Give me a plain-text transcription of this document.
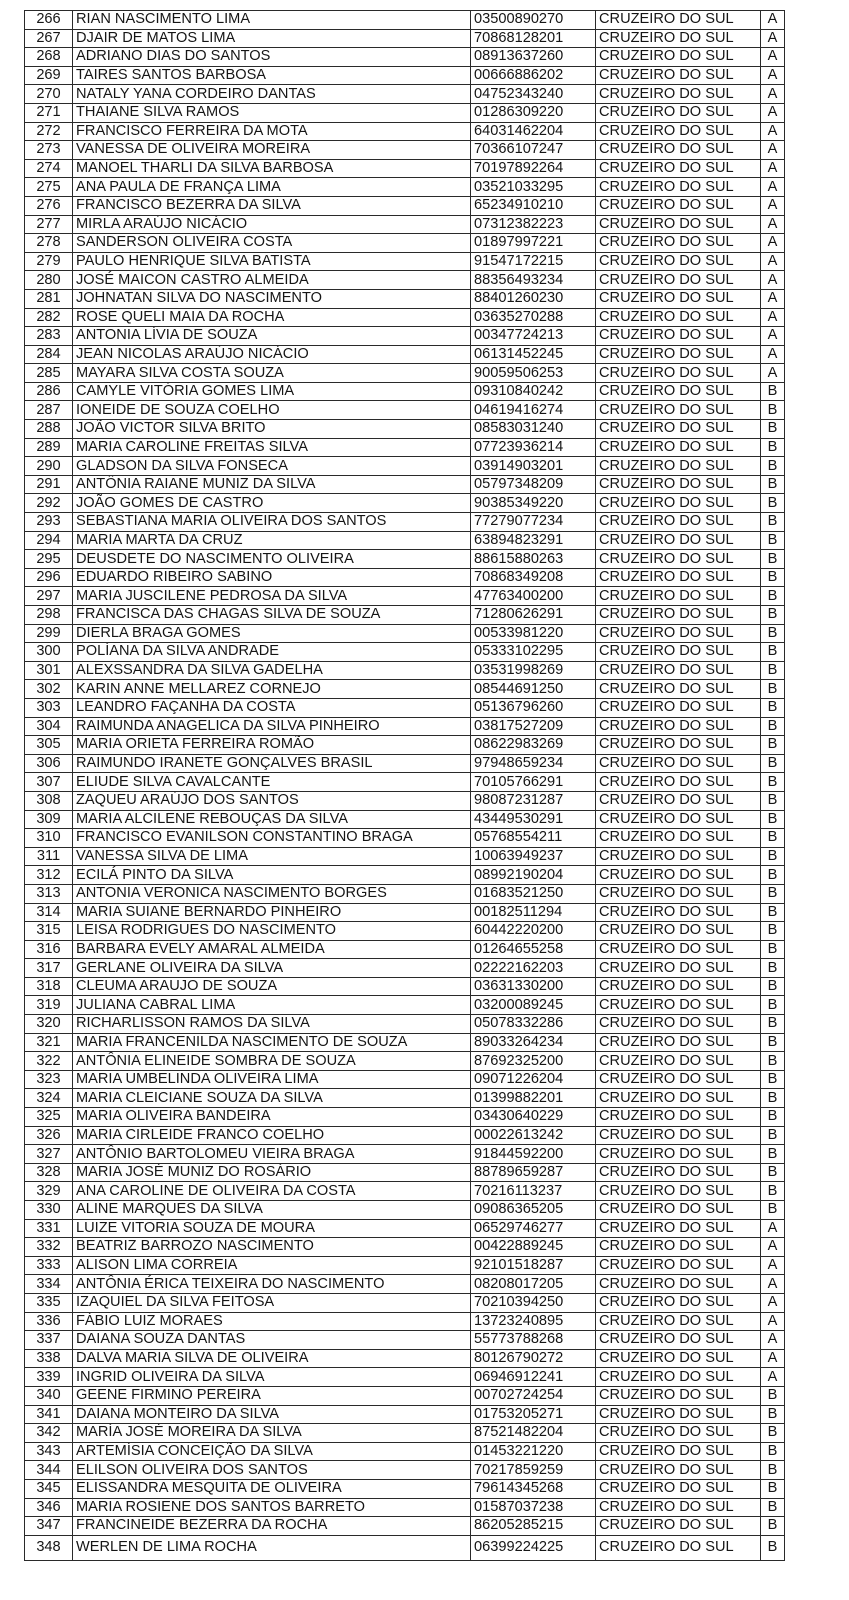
266	RIAN NASCIMENTO LIMA	03500890270	CRUZEIRO DO SUL	A
267	DJAIR DE MATOS LIMA	70868128201	CRUZEIRO DO SUL	A
268	ADRIANO DIAS DO SANTOS	08913637260	CRUZEIRO DO SUL	A
269	TAIRES SANTOS BARBOSA	00666886202	CRUZEIRO DO SUL	A
270	NATALY YANA CORDEIRO DANTAS	04752343240	CRUZEIRO DO SUL	A
271	THAIANE SILVA RAMOS	01286309220	CRUZEIRO DO SUL	A
272	FRANCISCO FERREIRA DA MOTA	64031462204	CRUZEIRO DO SUL	A
273	VANESSA DE OLIVEIRA MOREIRA	70366107247	CRUZEIRO DO SUL	A
274	MANOEL THARLI DA SILVA BARBOSA	70197892264	CRUZEIRO DO SUL	A
275	ANA PAULA DE FRANÇA LIMA	03521033295	CRUZEIRO DO SUL	A
276	FRANCISCO BEZERRA DA SILVA	65234910210	CRUZEIRO DO SUL	A
277	MIRLA ARAÚJO NICÁCIO	07312382223	CRUZEIRO DO SUL	A
278	SANDERSON OLIVEIRA COSTA	01897997221	CRUZEIRO DO SUL	A
279	PAULO HENRIQUE SILVA BATISTA	91547172215	CRUZEIRO DO SUL	A
280	JOSÉ MAICON CASTRO ALMEIDA	88356493234	CRUZEIRO DO SUL	A
281	JOHNATAN SILVA DO NASCIMENTO	88401260230	CRUZEIRO DO SUL	A
282	ROSE QUELI MAIA DA ROCHA	03635270288	CRUZEIRO DO SUL	A
283	ANTONIA LÍVIA DE SOUZA	00347724213	CRUZEIRO DO SUL	A
284	JEAN NICOLAS ARAÚJO NICÁCIO	06131452245	CRUZEIRO DO SUL	A
285	MAYARA SILVA COSTA SOUZA	90059506253	CRUZEIRO DO SUL	A
286	CAMYLE VITÓRIA GOMES LIMA	09310840242	CRUZEIRO DO SUL	B
287	IONEIDE DE SOUZA COELHO	04619416274	CRUZEIRO DO SUL	B
288	JOÃO VICTOR SILVA BRITO	08583031240	CRUZEIRO DO SUL	B
289	MARIA CAROLINE FREITAS SILVA	07723936214	CRUZEIRO DO SUL	B
290	GLADSON DA SILVA FONSECA	03914903201	CRUZEIRO DO SUL	B
291	ANTÔNIA RAIANE MUNIZ DA SILVA	05797348209	CRUZEIRO DO SUL	B
292	JOÃO GOMES DE CASTRO	90385349220	CRUZEIRO DO SUL	B
293	SEBASTIANA MARIA OLIVEIRA DOS SANTOS	77279077234	CRUZEIRO DO SUL	B
294	MARIA MARTA DA CRUZ	63894823291	CRUZEIRO DO SUL	B
295	DEUSDETE DO NASCIMENTO OLIVEIRA	88615880263	CRUZEIRO DO SUL	B
296	EDUARDO RIBEIRO SABINO	70868349208	CRUZEIRO DO SUL	B
297	MARIA JUSCILENE PEDROSA DA SILVA	47763400200	CRUZEIRO DO SUL	B
298	FRANCISCA DAS CHAGAS SILVA DE SOUZA	71280626291	CRUZEIRO DO SUL	B
299	DIERLA BRAGA GOMES	00533981220	CRUZEIRO DO SUL	B
300	POLÍANA DA SILVA ANDRADE	05333102295	CRUZEIRO DO SUL	B
301	ALEXSSANDRA DA SILVA GADELHA	03531998269	CRUZEIRO DO SUL	B
302	KARIN ANNE MELLAREZ CORNEJO	08544691250	CRUZEIRO DO SUL	B
303	LEANDRO FAÇANHA DA COSTA	05136796260	CRUZEIRO DO SUL	B
304	RAIMUNDA ANAGELICA DA SILVA PINHEIRO	03817527209	CRUZEIRO DO SUL	B
305	MARIA ORIETA FERREIRA ROMÃO	08622983269	CRUZEIRO DO SUL	B
306	RAIMUNDO IRANETE GONÇALVES BRASIL	97948659234	CRUZEIRO DO SUL	B
307	ELIUDE SILVA CAVALCANTE	70105766291	CRUZEIRO DO SUL	B
308	ZAQUEU ARAÚJO DOS SANTOS	98087231287	CRUZEIRO DO SUL	B
309	MARIA ALCILENE REBOUÇAS DA SILVA	43449530291	CRUZEIRO DO SUL	B
310	FRANCISCO EVANILSON CONSTANTINO BRAGA	05768554211	CRUZEIRO DO SUL	B
311	VANESSA SILVA DE LIMA	10063949237	CRUZEIRO DO SUL	B
312	ECILÁ PINTO DA SILVA	08992190204	CRUZEIRO DO SUL	B
313	ANTONIA VERONICA NASCIMENTO BORGES	01683521250	CRUZEIRO DO SUL	B
314	MARIA SUIANE BERNARDO PINHEIRO	00182511294	CRUZEIRO DO SUL	B
315	LEISA RODRIGUES DO NASCIMENTO	60442220200	CRUZEIRO DO SUL	B
316	BARBARA EVELY AMARAL ALMEIDA	01264655258	CRUZEIRO DO SUL	B
317	GERLANE OLIVEIRA DA SILVA	02222162203	CRUZEIRO DO SUL	B
318	CLEUMA ARAUJO DE SOUZA	03631330200	CRUZEIRO DO SUL	B
319	JULIANA CABRAL LIMA	03200089245	CRUZEIRO DO SUL	B
320	RICHARLISSON RAMOS DA SILVA	05078332286	CRUZEIRO DO SUL	B
321	MARIA FRANCENILDA NASCIMENTO DE SOUZA	89033264234	CRUZEIRO DO SUL	B
322	ANTÔNIA ELINEIDE SOMBRA DE SOUZA	87692325200	CRUZEIRO DO SUL	B
323	MARIA UMBELINDA OLIVEIRA LIMA	09071226204	CRUZEIRO DO SUL	B
324	MARIA CLEICIANE SOUZA DA SILVA	01399882201	CRUZEIRO DO SUL	B
325	MARIA OLIVEIRA BANDEIRA	03430640229	CRUZEIRO DO SUL	B
326	MARIA CIRLEIDE FRANCO COELHO	00022613242	CRUZEIRO DO SUL	B
327	ANTÔNIO BARTOLOMEU VIEIRA BRAGA	91844592200	CRUZEIRO DO SUL	B
328	MARIA JOSÉ MUNIZ DO ROSÁRIO	88789659287	CRUZEIRO DO SUL	B
329	ANA CAROLINE DE OLIVEIRA DA COSTA	70216113237	CRUZEIRO DO SUL	B
330	ALINE MARQUES DA SILVA	09086365205	CRUZEIRO DO SUL	B
331	LUIZE VITORIA SOUZA DE MOURA	06529746277	CRUZEIRO DO SUL	A
332	BEATRIZ BARROZO NASCIMENTO	00422889245	CRUZEIRO DO SUL	A
333	ALISON LIMA CORREIA	92101518287	CRUZEIRO DO SUL	A
334	ANTÔNIA ÉRICA TEIXEIRA DO NASCIMENTO	08208017205	CRUZEIRO DO SUL	A
335	IZAQUIEL DA SILVA FEITOSA	70210394250	CRUZEIRO DO SUL	A
336	FÁBIO LUIZ MORAES	13723240895	CRUZEIRO DO SUL	A
337	DAIANA SOUZA DANTAS	55773788268	CRUZEIRO DO SUL	A
338	DALVA MARIA SILVA DE OLIVEIRA	80126790272	CRUZEIRO DO SUL	A
339	INGRID OLIVEIRA DA SILVA	06946912241	CRUZEIRO DO SUL	A
340	GEENE FIRMINO PEREIRA	00702724254	CRUZEIRO DO SUL	B
341	DAIANA MONTEIRO DA SILVA	01753205271	CRUZEIRO DO SUL	B
342	MARÍA JOSÉ MOREIRA DA SILVA	87521482204	CRUZEIRO DO SUL	B
343	ARTEMÍSIA CONCEIÇÃO DA SILVA	01453221220	CRUZEIRO DO SUL	B
344	ELILSON OLIVEIRA DOS SANTOS	70217859259	CRUZEIRO DO SUL	B
345	ELISSANDRA MESQUITA DE OLIVEIRA	79614345268	CRUZEIRO DO SUL	B
346	MARIA ROSIENE DOS SANTOS BARRETO	01587037238	CRUZEIRO DO SUL	B
347	FRANCINEIDE BEZERRA DA ROCHA	86205285215	CRUZEIRO DO SUL	B
348	WERLEN DE LIMA ROCHA	06399224225	CRUZEIRO DO SUL	B
